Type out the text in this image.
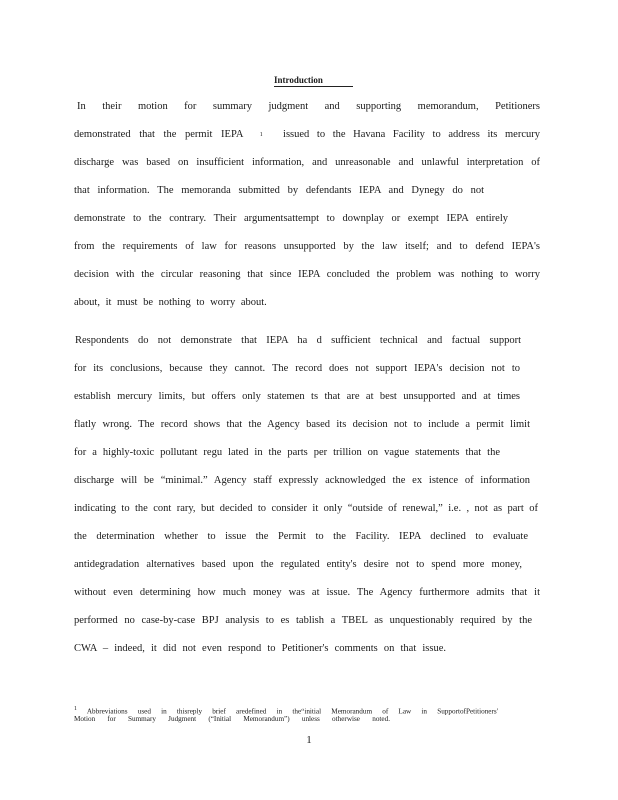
Introduction
In their motion for summary judgment and supporting memorandum, Petitioners
demonstrated that the permit IEPA	1 issued to the Havana Facility to address its mercury
discharge was based on insufficient information, and unreasonable and unlawful interpretation of
that information. The memoranda submitted by defendants IEPA and Dynegy do not
demonstrate to the contrary. Their argumentsattempt to downplay or exempt IEPA entirely
from the requirements of law for reasons unsupported by the law itself; and to defend IEPA's
decision with the circular reasoning that since IEPA concluded the problem was nothing to worry
about, it must be nothing to worry about.
Respondents do not demonstrate that IEPA ha d sufficient technical and factual support
for its conclusions, because they cannot. The record does not support IEPA's decision not to
establish mercury limits, but offers only statemen ts that are at best unsupported and at times
flatly wrong. The record shows that the Agency based its decision not to include a permit limit
for a highly-toxic pollutant regu lated in the parts per trillion on vague statements that the
discharge will be “minimal.” Agency staff expressly acknowledged the ex istence of information
indicating to the cont rary, but decided to consider it only “outside of renewal,” i.e. , not as part of
the determination whether to issue the Permit to the Facility. IEPA declined to evaluate
antidegradation alternatives based upon the regulated entity's desire not to spend more money,
without even determining how much money was at issue. The Agency furthermore admits that it
performed no case-by-case BPJ analysis to es tablish a TBEL as unquestionably required by the
CWA – indeed, it did not even respond to Petitioner's comments on that issue.
$^1$ Abbreviations used in thisreply brief aredefined in the“initial Memorandum of Law in SupportofPetitioners'
Motion for Summary Judgment (“Initial Memorandum”) unless otherwise noted.
1
